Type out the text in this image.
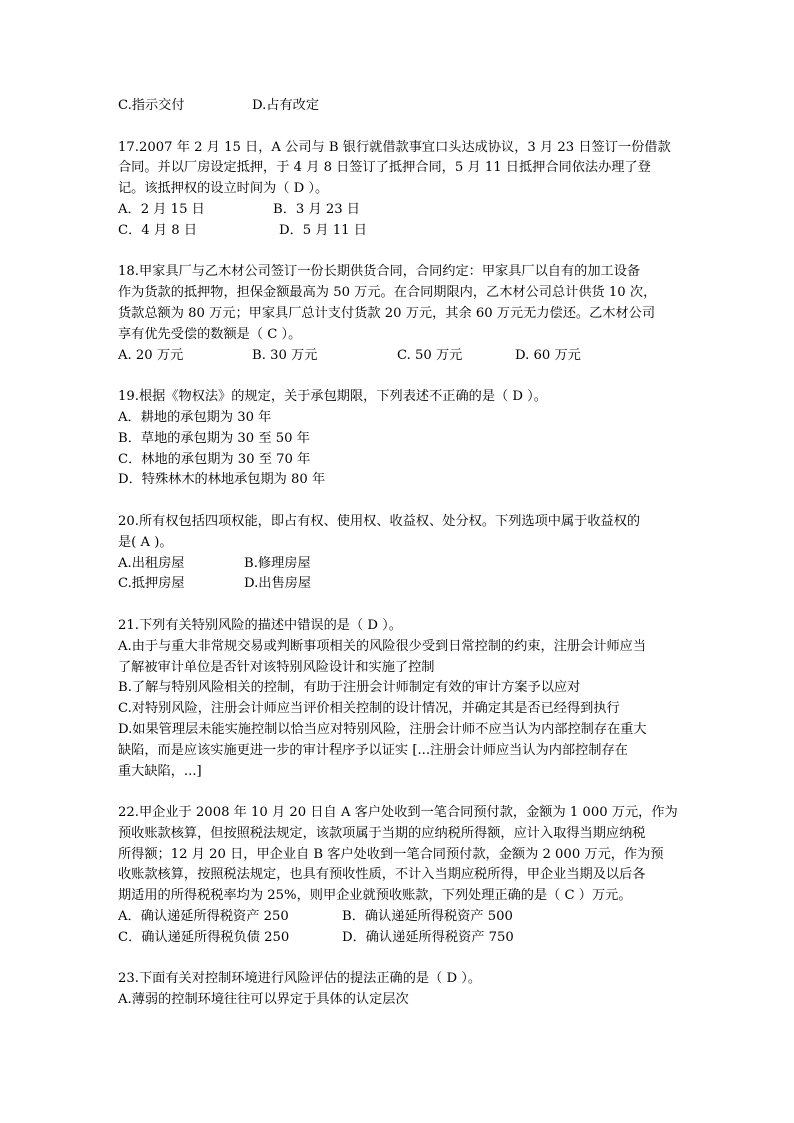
C.指示交付	D.占有改定
17.2007 年 2 月 15 日，A 公司与 B 银行就借款事宜口头达成协议，3 月 23 日签订一份借款
合同。并以厂房设定抵押，于 4 月 8 日签订了抵押合同，5 月 11 日抵押合同依法办理了登
记。该抵押权的设立时间为（ D ）。
A．2 月 15 日	B．3 月 23 日
C．4 月 8 日	D．5 月 11 日
18.甲家具厂与乙木材公司签订一份长期供货合同，合同约定：甲家具厂以自有的加工设备
作为货款的抵押物，担保金额最高为 50 万元。在合同期限内，乙木材公司总计供货 10 次，
货款总额为 80 万元；甲家具厂总计支付货款 20 万元，其余 60 万元无力偿还。乙木材公司
享有优先受偿的数额是（ C ）。
A. 20 万元	B. 30 万元	C. 50 万元	D. 60 万元
19.根据《物权法》的规定，关于承包期限，下列表述不正确的是（ D ）。
A．耕地的承包期为 30 年
B．草地的承包期为 30 至 50 年
C．林地的承包期为 30 至 70 年
D．特殊林木的林地承包期为 80 年
20.所有权包括四项权能，即占有权、使用权、收益权、处分权。下列选项中属于收益权的
是( A )。
A.出租房屋	B.修理房屋
C.抵押房屋	D.出售房屋
21.下列有关特别风险的描述中错误的是（ D ）。
A.由于与重大非常规交易或判断事项相关的风险很少受到日常控制的约束，注册会计师应当
了解被审计单位是否针对该特别风险设计和实施了控制
B.了解与特别风险相关的控制，有助于注册会计师制定有效的审计方案予以应对
C.对特别风险，注册会计师应当评价相关控制的设计情况，并确定其是否已经得到执行
D.如果管理层未能实施控制以恰当应对特别风险，注册会计师不应当认为内部控制存在重大
缺陷，而是应该实施更进一步的审计程序予以证实 [...注册会计师应当认为内部控制存在
重大缺陷，...]
22.甲企业于 2008 年 10 月 20 日自 A 客户处收到一笔合同预付款，金额为 1 000 万元，作为
预收账款核算，但按照税法规定，该款项属于当期的应纳税所得额，应计入取得当期应纳税
所得额；12 月 20 日，甲企业自 B 客户处收到一笔合同预付款，金额为 2 000 万元，作为预
收账款核算，按照税法规定，也具有预收性质，不计入当期应税所得，甲企业当期及以后各
期适用的所得税税率均为 25%，则甲企业就预收账款，下列处理正确的是（ C ）万元。
A．确认递延所得税资产 250	B．确认递延所得税资产 500
C．确认递延所得税负债 250	D．确认递延所得税资产 750
23.下面有关对控制环境进行风险评估的提法正确的是（ D ）。
A.薄弱的控制环境往往可以界定于具体的认定层次
